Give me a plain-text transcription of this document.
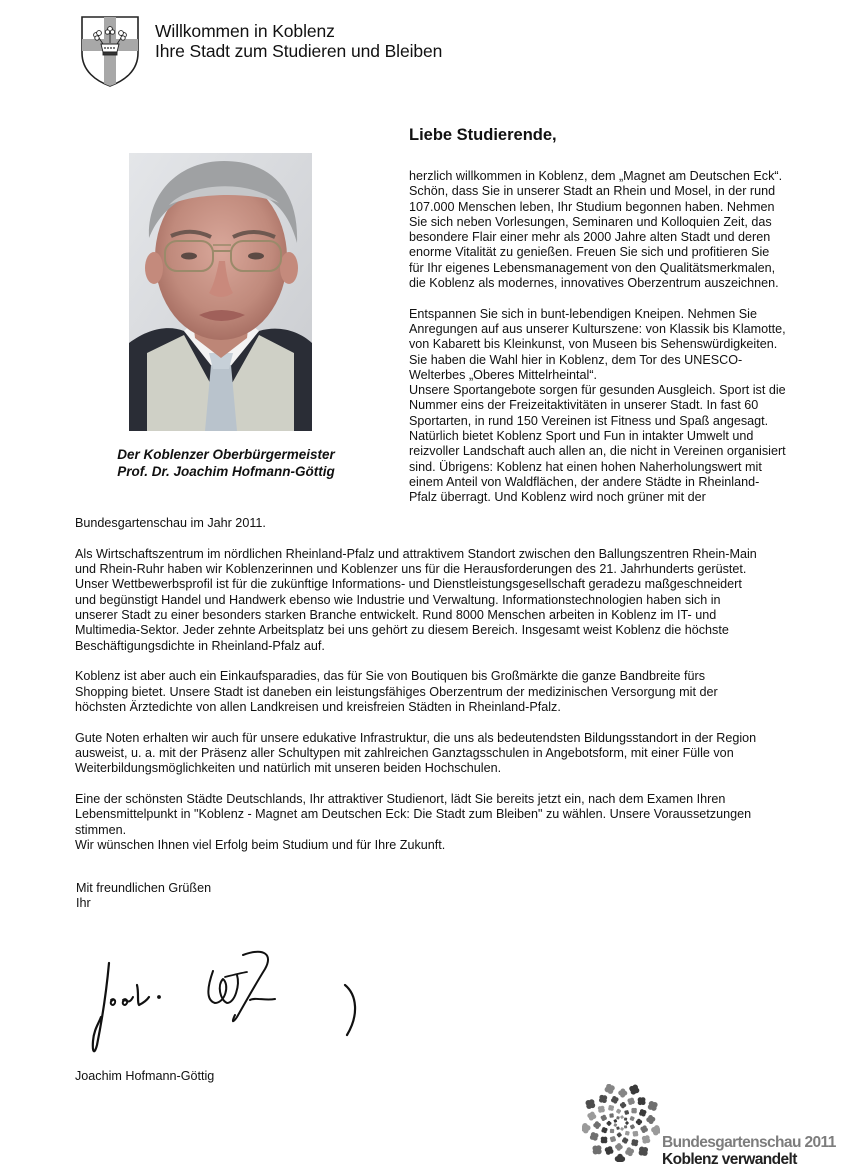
Willkommen in Koblenz
Ihre Stadt zum Studieren und Bleiben
Der Koblenzer Oberbürgermeister
Prof. Dr. Joachim Hofmann-Göttig
Liebe Studierende,

herzlich willkommen in Koblenz, dem „Magnet am Deutschen Eck“.
Schön, dass Sie in unserer Stadt an Rhein und Mosel, in der rund
107.000 Menschen leben, Ihr Studium begonnen haben. Nehmen
Sie sich neben Vorlesungen, Seminaren und Kolloquien Zeit, das
besondere Flair einer mehr als 2000 Jahre alten Stadt und deren
enorme Vitalität zu genießen. Freuen Sie sich und profitieren Sie
für Ihr eigenes Lebensmanagement von den Qualitätsmerkmalen,
die Koblenz als modernes, innovatives Oberzentrum auszeichnen.

Entspannen Sie sich in bunt-lebendigen Kneipen. Nehmen Sie
Anregungen auf aus unserer Kulturszene: von Klassik bis Klamotte,
von Kabarett bis Kleinkunst, von Museen bis Sehenswürdigkeiten.
Sie haben die Wahl hier in Koblenz, dem Tor des UNESCO-
Welterbes „Oberes Mittelrheintal“.
Unsere Sportangebote sorgen für gesunden Ausgleich. Sport ist die
Nummer eins der Freizeitaktivitäten in unserer Stadt. In fast 60
Sportarten, in rund 150 Vereinen ist Fitness und Spaß angesagt.
Natürlich bietet Koblenz Sport und Fun in intakter Umwelt und
reizvoller Landschaft auch allen an, die nicht in Vereinen organisiert
sind. Übrigens: Koblenz hat einen hohen Naherholungswert mit
einem Anteil von Waldflächen, der andere Städte in Rheinland-
Pfalz überragt. Und Koblenz wird noch grüner mit der

Bundesgartenschau im Jahr 2011.

Als Wirtschaftszentrum im nördlichen Rheinland-Pfalz und attraktivem Standort zwischen den Ballungszentren Rhein-Main
und Rhein-Ruhr haben wir Koblenzerinnen und Koblenzer uns für die Herausforderungen des 21. Jahrhunderts gerüstet.
Unser Wettbewerbsprofil ist für die zukünftige Informations- und Dienstleistungsgesellschaft geradezu maßgeschneidert
und begünstigt Handel und Handwerk ebenso wie Industrie und Verwaltung. Informationstechnologien haben sich in
unserer Stadt zu einer besonders starken Branche entwickelt. Rund 8000 Menschen arbeiten in Koblenz im IT- und
Multimedia-Sektor. Jeder zehnte Arbeitsplatz bei uns gehört zu diesem Bereich. Insgesamt weist Koblenz die höchste
Beschäftigungsdichte in Rheinland-Pfalz auf.

Koblenz ist aber auch ein Einkaufsparadies, das für Sie von Boutiquen bis Großmärkte die ganze Bandbreite fürs
Shopping bietet. Unsere Stadt ist daneben ein leistungsfähiges Oberzentrum der medizinischen Versorgung mit der
höchsten Ärztedichte von allen Landkreisen und kreisfreien Städten in Rheinland-Pfalz.

Gute Noten erhalten wir auch für unsere edukative Infrastruktur, die uns als bedeutendsten Bildungsstandort in der Region
ausweist, u. a. mit der Präsenz aller Schultypen mit zahlreichen Ganztagsschulen in Angebotsform, mit einer Fülle von
Weiterbildungsmöglichkeiten und natürlich mit unseren beiden Hochschulen.

Eine der schönsten Städte Deutschlands, Ihr attraktiver Studienort, lädt Sie bereits jetzt ein, nach dem Examen Ihren
Lebensmittelpunkt in "Koblenz - Magnet am Deutschen Eck: Die Stadt zum Bleiben" zu wählen. Unsere Voraussetzungen
stimmen.
Wir wünschen Ihnen viel Erfolg beim Studium und für Ihre Zukunft.

Mit freundlichen Grüßen
Ihr
Joachim Hofmann-Göttig
Bundesgartenschau 2011
Koblenz verwandelt
